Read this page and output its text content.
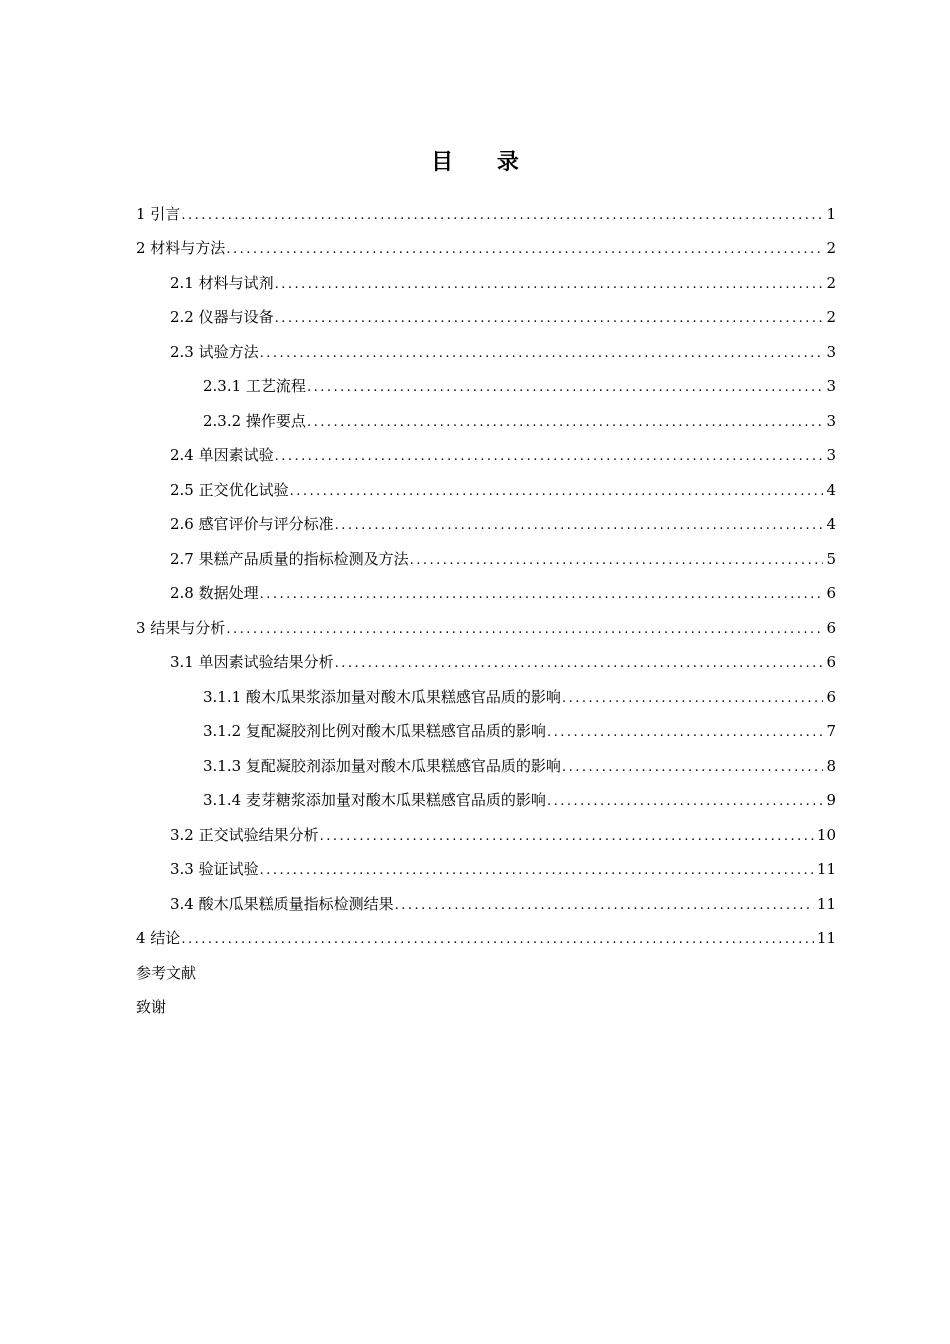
目 录
1 引言 .....	1
2 材料与方法 .....	2
2.1 材料与试剂 .....	2
2.2 仪器与设备 .....	2
2.3 试验方法 .....	3
2.3.1 工艺流程 .....	3
2.3.2 操作要点 .....	3
2.4 单因素试验 .....	3
2.5 正交优化试验 .....	4
2.6 感官评价与评分标准 .....	4
2.7 果糕产品质量的指标检测及方法 .....	5
2.8 数据处理 .....	6
3 结果与分析 .....	6
3.1 单因素试验结果分析 .....	6
3.1.1 酸木瓜果浆添加量对酸木瓜果糕感官品质的影响 .....	6
3.1.2 复配凝胶剂比例对酸木瓜果糕感官品质的影响 .....	7
3.1.3 复配凝胶剂添加量对酸木瓜果糕感官品质的影响 .....	8
3.1.4 麦芽糖浆添加量对酸木瓜果糕感官品质的影响 .....	9
3.2 正交试验结果分析 .....	10
3.3 验证试验 .....	11
3.4 酸木瓜果糕质量指标检测结果 .....	11
4 结论 .....	11
参考文献
致谢
